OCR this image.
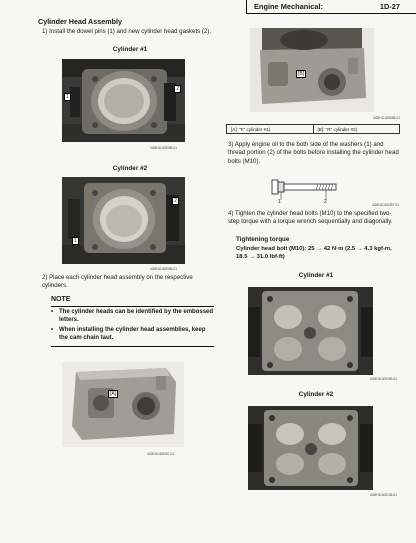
Engine Mechanical:	1D-27
Cylinder Head Assembly
1) Install the dowel pins (1) and new cylinder head gaskets (2).
Cylinder #1
1
2
I428H11400085-01
Cylinder #2
1
2
I428H11400086-01
2) Place each cylinder head assembly on the respective cylinders.
NOTE
• The cylinder heads can be identified by the embossed letters.
• When installing the cylinder head assemblies, keep the cam chain taut.
[A]
I428H11400087-01
[B]
I428H11400088-01
[A]: "F" cylinder #1)	[B]: "R" cylinder #2)
3) Apply engine oil to the both side of the washers (1) and thread portion (2) of the bolts before installing the cylinder head bolts (M10).
1	2	I428H11400357-01
4) Tighten the cylinder head bolts (M10) to the specified two-step torque with a torque wrench sequentially and diagonally.
Tightening torque
Cylinder head bolt (M10): 25 → 42 N·m (2.5 → 4.3 kgf-m, 18.5 → 31.0 lbf-ft)
Cylinder #1
I428H11400089-01
Cylinder #2
I428H11400135-01
